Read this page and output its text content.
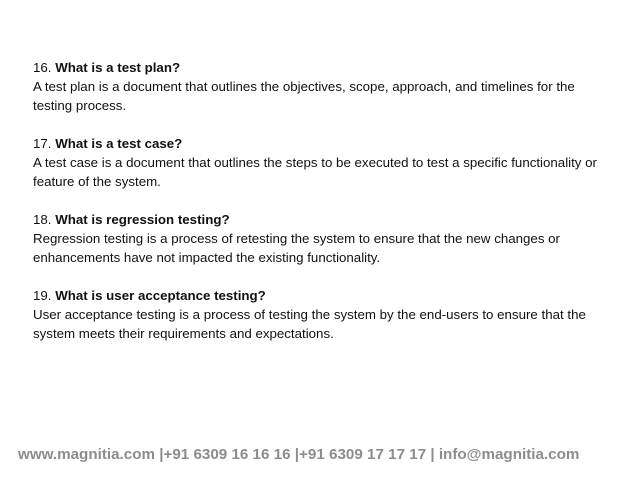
16. What is a test plan?
A test plan is a document that outlines the objectives, scope, approach, and timelines for the testing process.
17. What is a test case?
A test case is a document that outlines the steps to be executed to test a specific functionality or feature of the system.
18. What is regression testing?
Regression testing is a process of retesting the system to ensure that the new changes or enhancements have not impacted the existing functionality.
19. What is user acceptance testing?
User acceptance testing is a process of testing the system by the end-users to ensure that the system meets their requirements and expectations.
www.magnitia.com |+91 6309 16 16 16 |+91 6309 17 17 17 | info@magnitia.com
